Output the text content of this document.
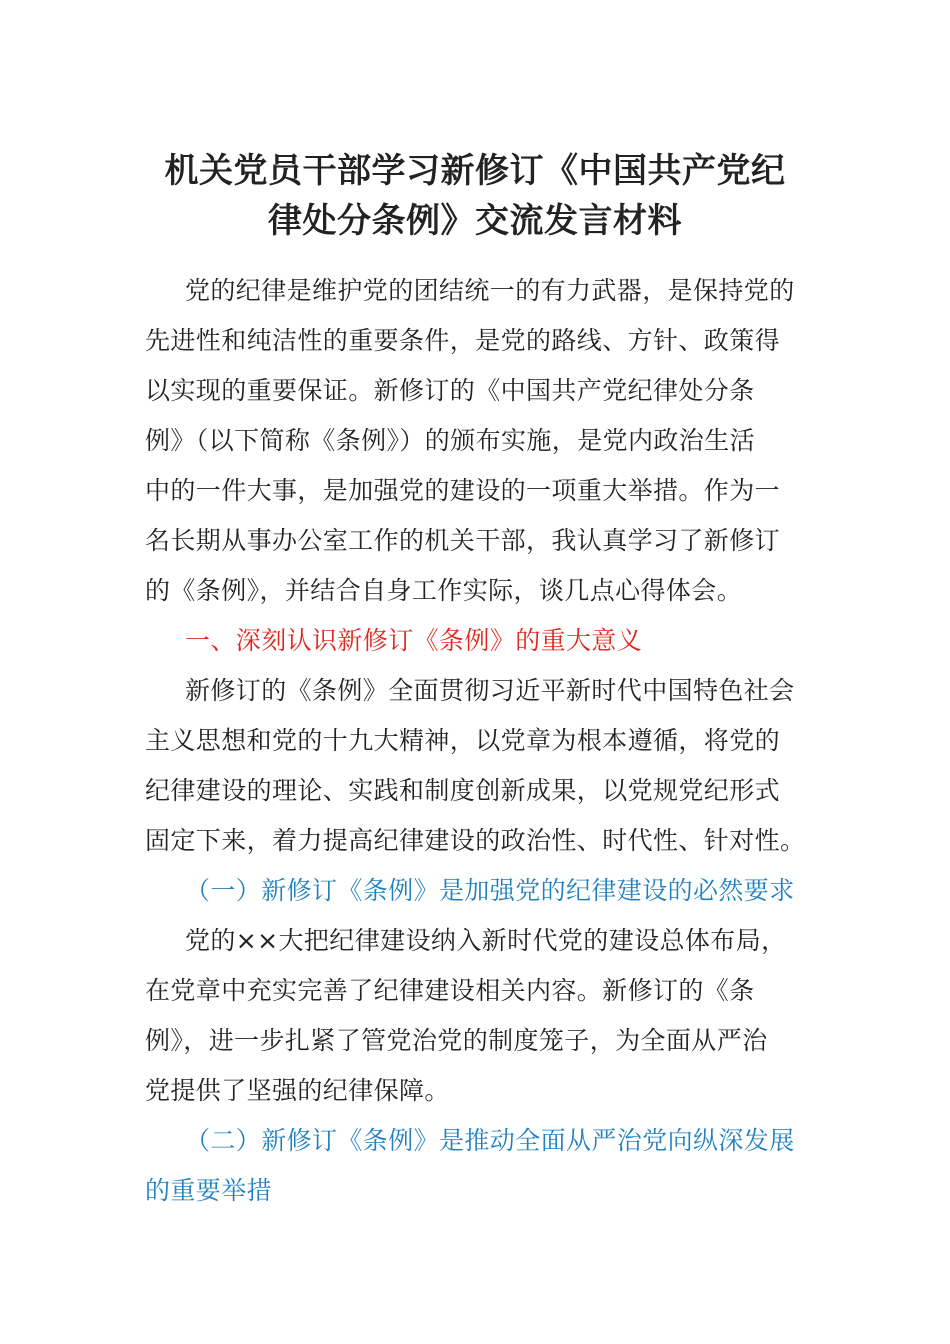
机关党员干部学习新修订《中国共产党纪
律处分条例》交流发言材料
党的纪律是维护党的团结统一的有力武器，是保持党的
先进性和纯洁性的重要条件，是党的路线、方针、政策得
以实现的重要保证。新修订的《中国共产党纪律处分条
例》（以下简称《条例》）的颁布实施，是党内政治生活
中的一件大事，是加强党的建设的一项重大举措。作为一
名长期从事办公室工作的机关干部，我认真学习了新修订
的《条例》，并结合自身工作实际，谈几点心得体会。
一、深刻认识新修订《条例》的重大意义
新修订的《条例》全面贯彻习近平新时代中国特色社会
主义思想和党的十九大精神，以党章为根本遵循，将党的
纪律建设的理论、实践和制度创新成果，以党规党纪形式
固定下来，着力提高纪律建设的政治性、时代性、针对性。
（一）新修订《条例》是加强党的纪律建设的必然要求
党的××大把纪律建设纳入新时代党的建设总体布局，
在党章中充实完善了纪律建设相关内容。新修订的《条
例》，进一步扎紧了管党治党的制度笼子，为全面从严治
党提供了坚强的纪律保障。
（二）新修订《条例》是推动全面从严治党向纵深发展
的重要举措
